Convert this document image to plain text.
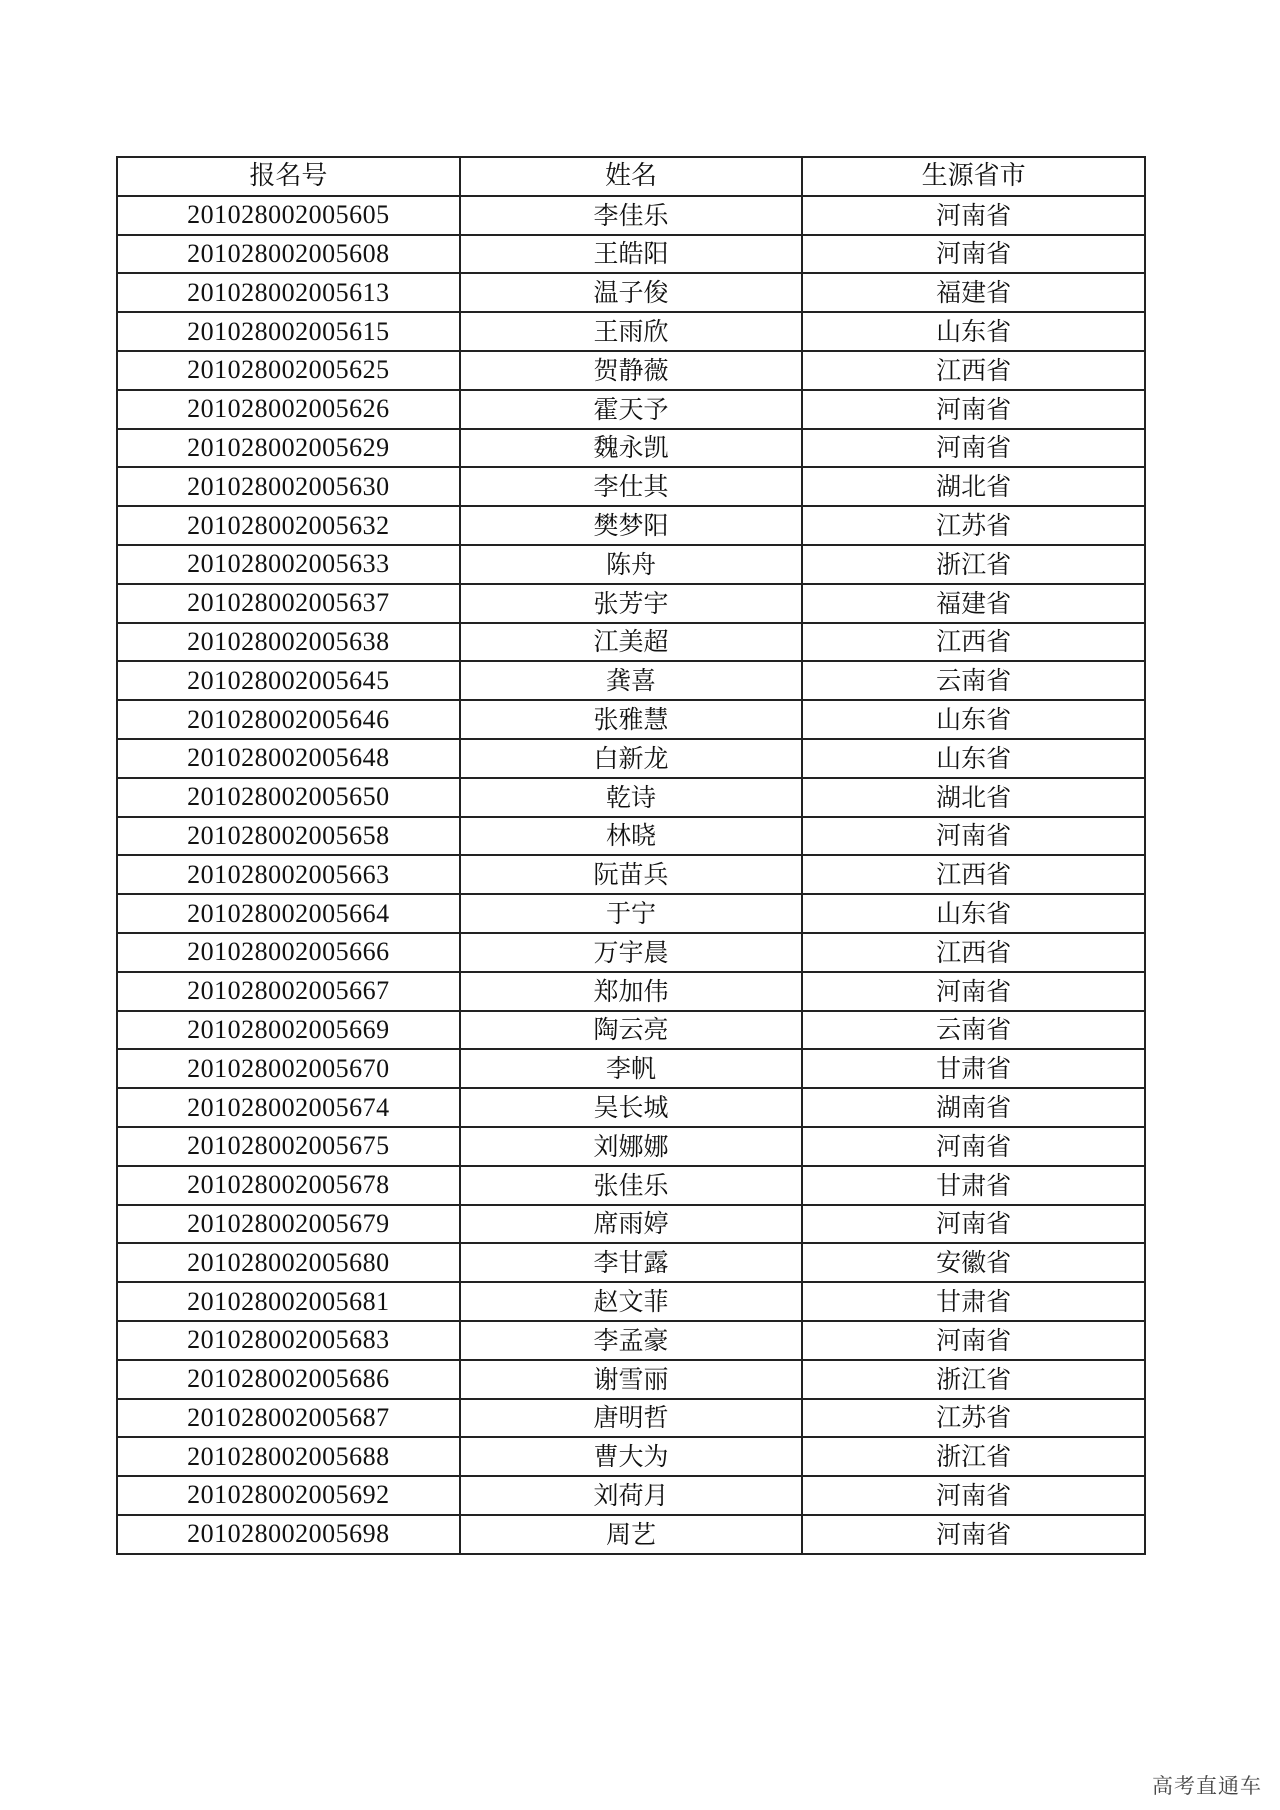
报名号	姓名	生源省市
201028002005605	李佳乐	河南省
201028002005608	王皓阳	河南省
201028002005613	温子俊	福建省
201028002005615	王雨欣	山东省
201028002005625	贺静薇	江西省
201028002005626	霍天予	河南省
201028002005629	魏永凯	河南省
201028002005630	李仕其	湖北省
201028002005632	樊梦阳	江苏省
201028002005633	陈舟	浙江省
201028002005637	张芳宇	福建省
201028002005638	江美超	江西省
201028002005645	龚喜	云南省
201028002005646	张雅慧	山东省
201028002005648	白新龙	山东省
201028002005650	乾诗	湖北省
201028002005658	林晓	河南省
201028002005663	阮苗兵	江西省
201028002005664	于宁	山东省
201028002005666	万宇晨	江西省
201028002005667	郑加伟	河南省
201028002005669	陶云亮	云南省
201028002005670	李帆	甘肃省
201028002005674	吴长城	湖南省
201028002005675	刘娜娜	河南省
201028002005678	张佳乐	甘肃省
201028002005679	席雨婷	河南省
201028002005680	李甘露	安徽省
201028002005681	赵文菲	甘肃省
201028002005683	李孟豪	河南省
201028002005686	谢雪丽	浙江省
201028002005687	唐明哲	江苏省
201028002005688	曹大为	浙江省
201028002005692	刘荷月	河南省
201028002005698	周艺	河南省
高考直通车
